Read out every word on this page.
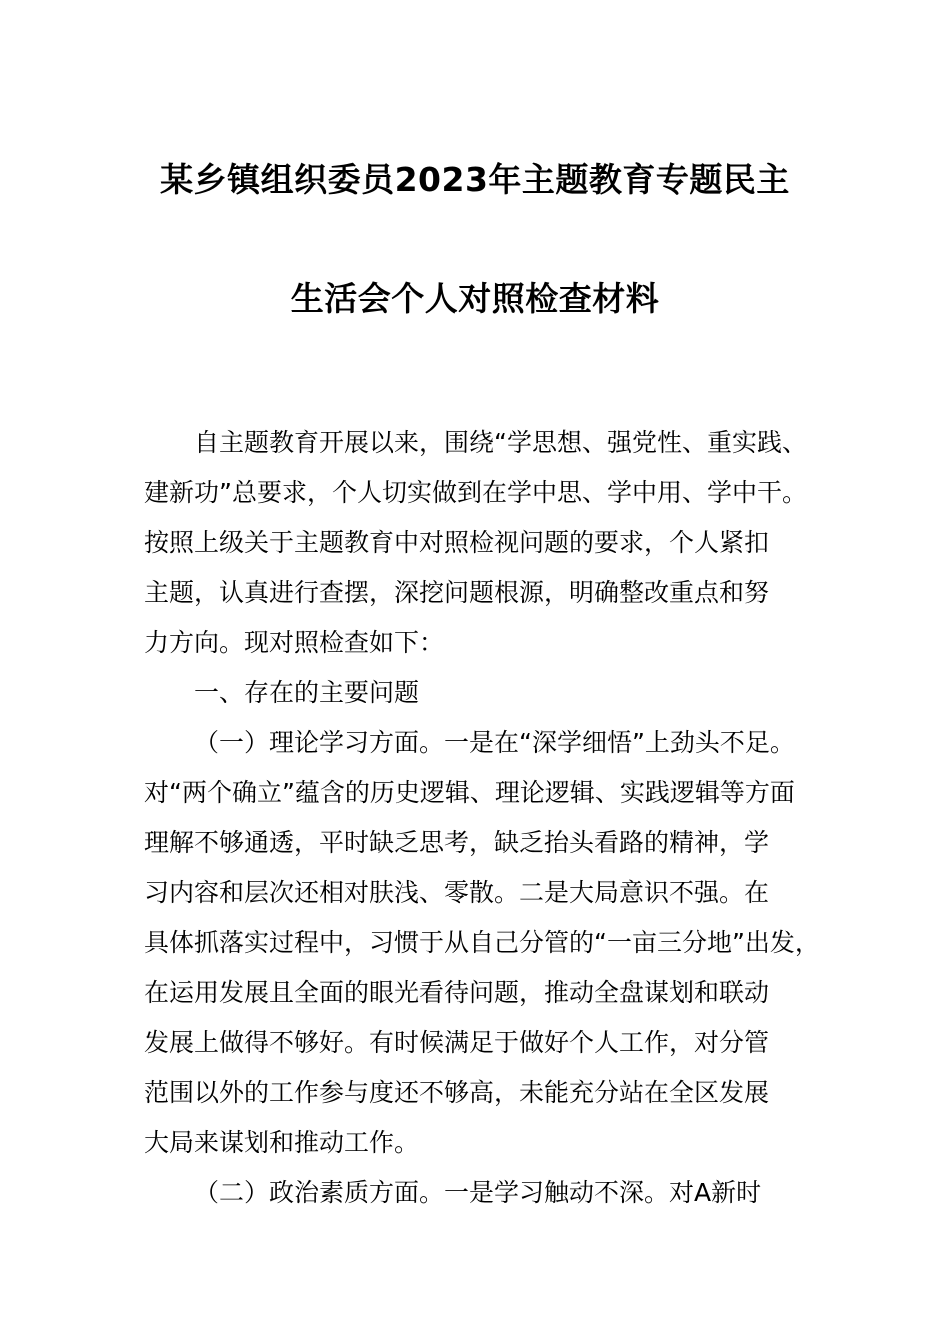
某乡镇组织委员2023年主题教育专题民主
生活会个人对照检查材料
自主题教育开展以来，围绕“学思想、强党性、重实践、
建新功”总要求，个人切实做到在学中思、学中用、学中干。
按照上级关于主题教育中对照检视问题的要求，个人紧扣
主题，认真进行查摆，深挖问题根源，明确整改重点和努
力方向。现对照检查如下：
一、存在的主要问题
（一）理论学习方面。一是在“深学细悟”上劲头不足。
对“两个确立”蕴含的历史逻辑、理论逻辑、实践逻辑等方面
理解不够通透，平时缺乏思考，缺乏抬头看路的精神，学
习内容和层次还相对肤浅、零散。二是大局意识不强。在
具体抓落实过程中，习惯于从自己分管的“一亩三分地”出发，
在运用发展且全面的眼光看待问题，推动全盘谋划和联动
发展上做得不够好。有时候满足于做好个人工作，对分管
范围以外的工作参与度还不够高，未能充分站在全区发展
大局来谋划和推动工作。
（二）政治素质方面。一是学习触动不深。对A新时
